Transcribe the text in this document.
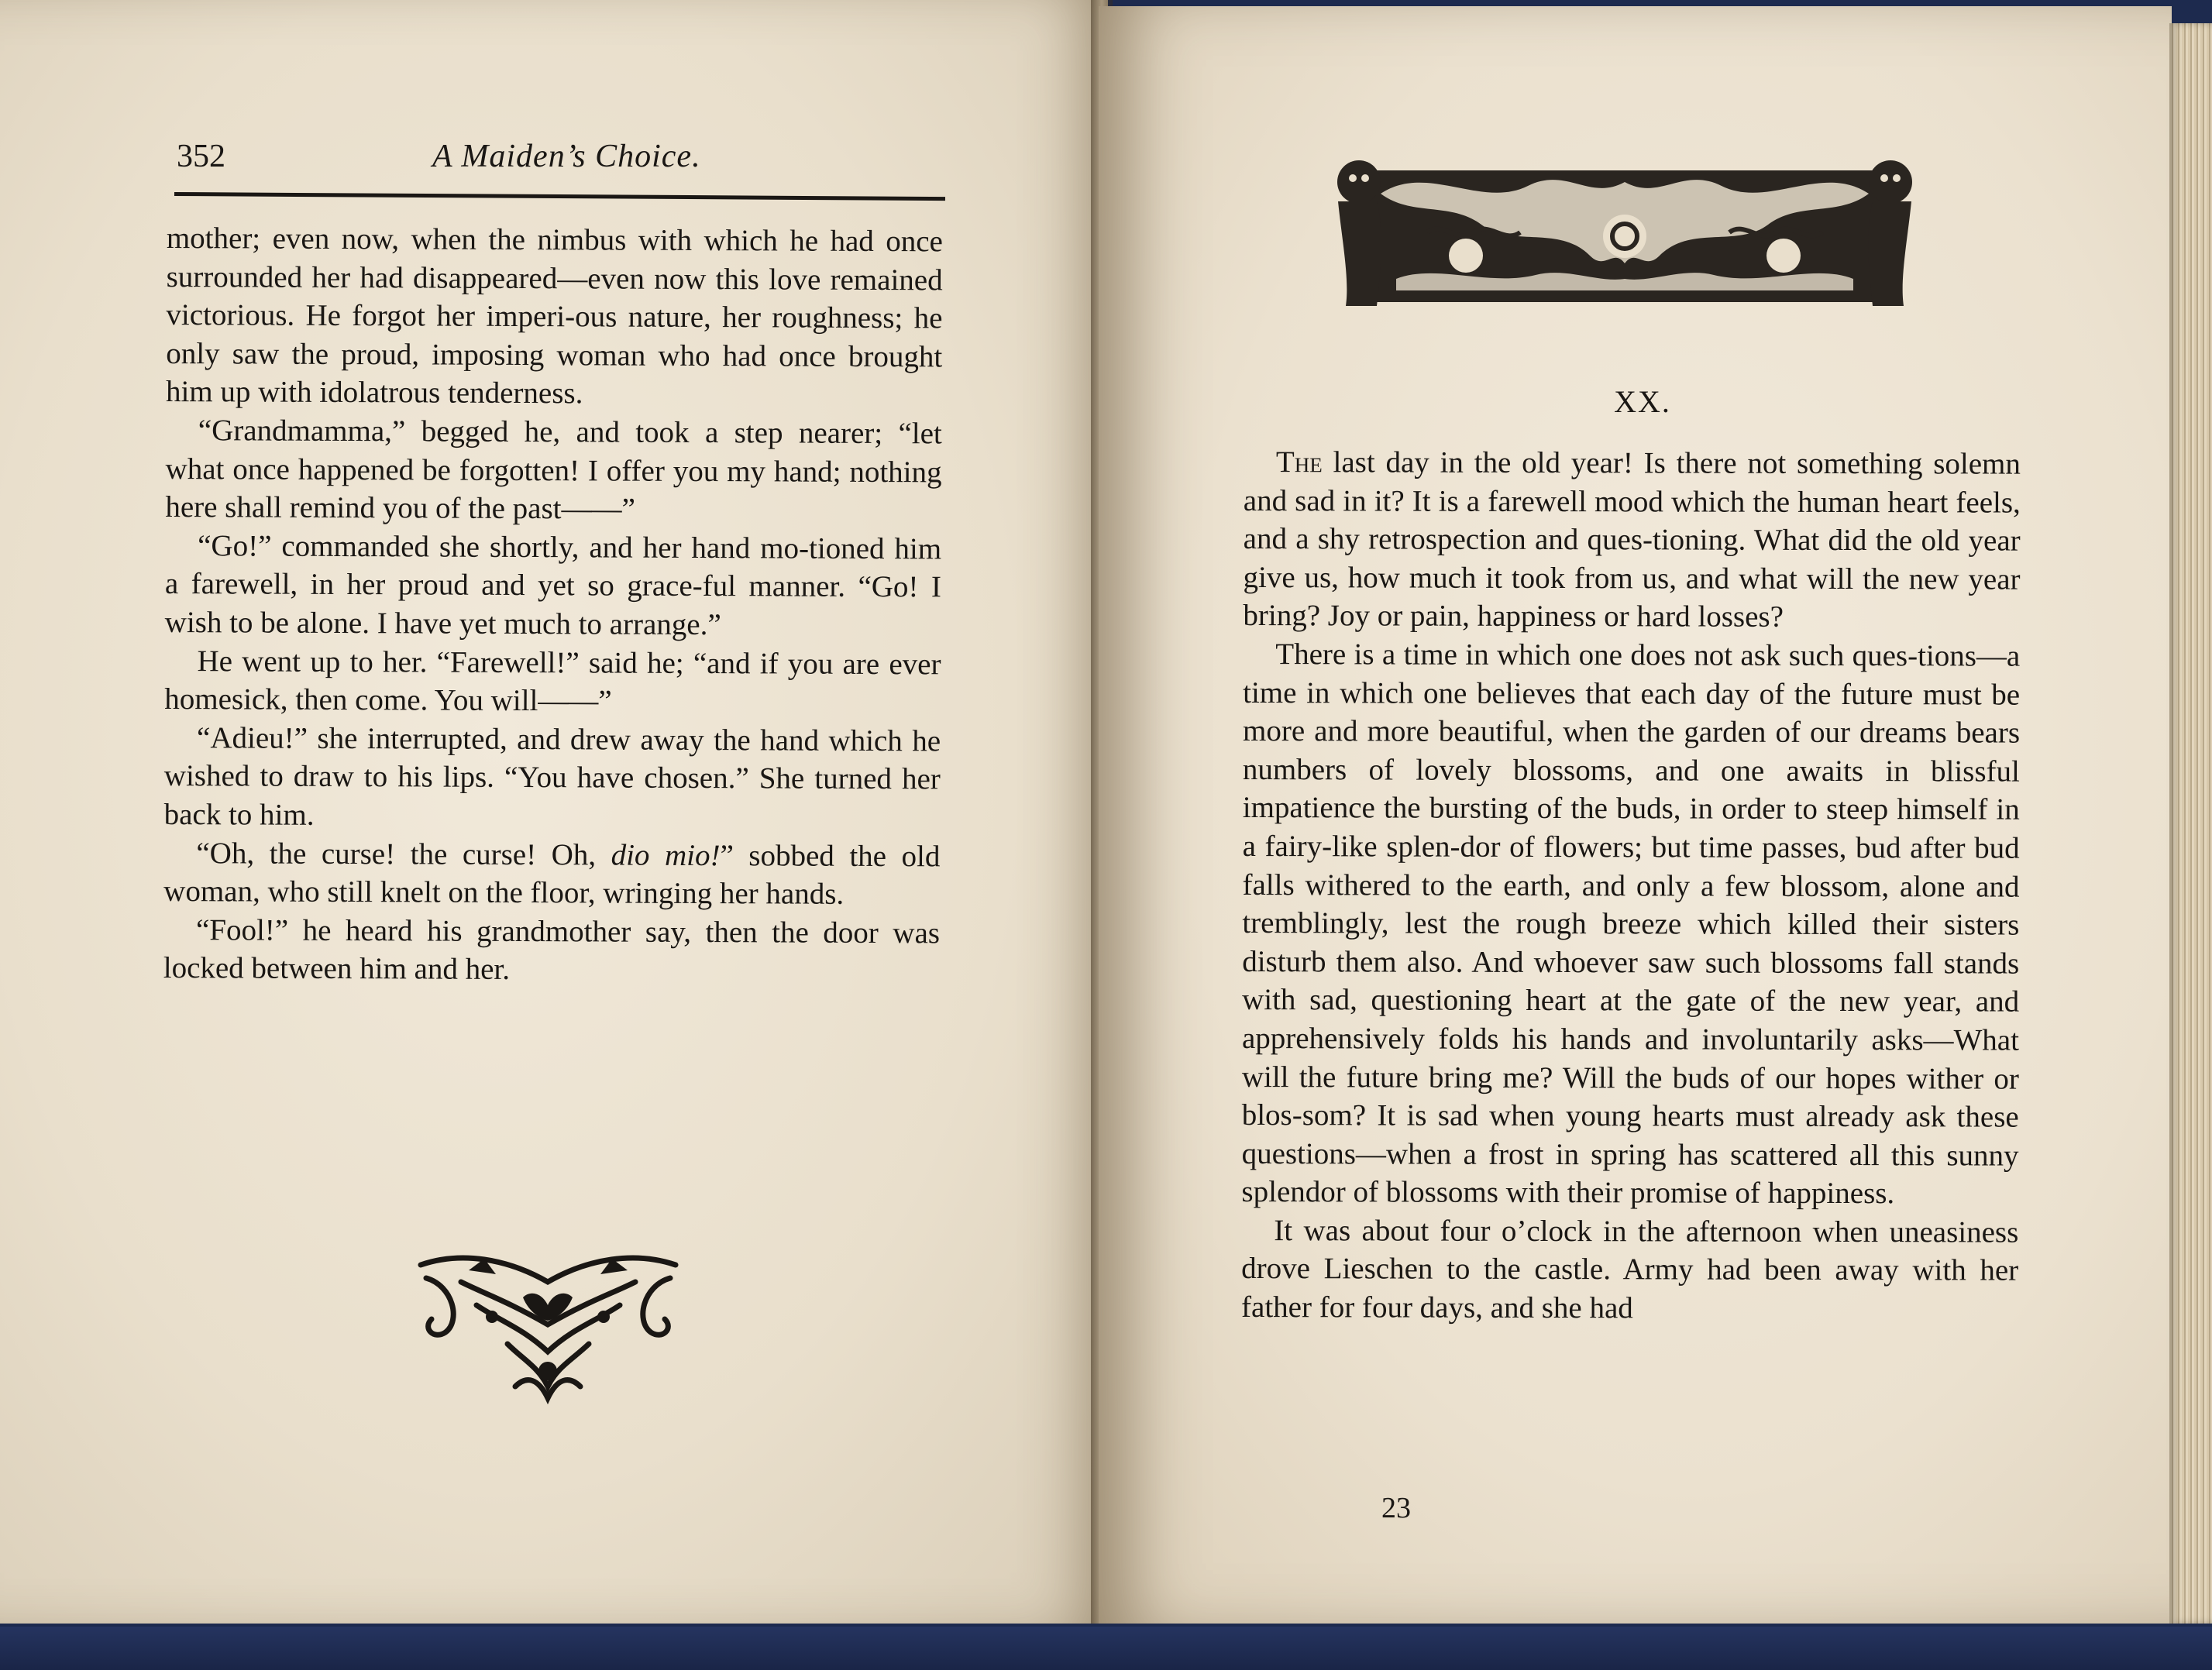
352	A Maiden’s Choice.

mother; even now, when the nimbus with which he had once surrounded her had disappeared—even now this love remained victorious. He forgot her imperi-ous nature, her roughness; he only saw the proud, imposing woman who had once brought him up with idolatrous tenderness.

“Grandmamma,” begged he, and took a step nearer; “let what once happened be forgotten! I offer you my hand; nothing here shall remind you of the past——”

“Go!” commanded she shortly, and her hand mo-tioned him a farewell, in her proud and yet so grace-ful manner. “Go! I wish to be alone. I have yet much to arrange.”

He went up to her. “Farewell!” said he; “and if you are ever homesick, then come. You will——”

“Adieu!” she interrupted, and drew away the hand which he wished to draw to his lips. “You have chosen.” She turned her back to him.

“Oh, the curse! the curse! Oh, dio mio!” sobbed the old woman, who still knelt on the floor, wringing her hands.

“Fool!” he heard his grandmother say, then the door was locked between him and her.

XX.

The last day in the old year! Is there not something solemn and sad in it? It is a farewell mood which the human heart feels, and a shy retrospection and ques-tioning. What did the old year give us, how much it took from us, and what will the new year bring? Joy or pain, happiness or hard losses?

There is a time in which one does not ask such ques-tions—a time in which one believes that each day of the future must be more and more beautiful, when the garden of our dreams bears numbers of lovely blossoms, and one awaits in blissful impatience the bursting of the buds, in order to steep himself in a fairy-like splen-dor of flowers; but time passes, bud after bud falls withered to the earth, and only a few blossom, alone and tremblingly, lest the rough breeze which killed their sisters disturb them also. And whoever saw such blossoms fall stands with sad, questioning heart at the gate of the new year, and apprehensively folds his hands and involuntarily asks—What will the future bring me? Will the buds of our hopes wither or blos-som? It is sad when young hearts must already ask these questions—when a frost in spring has scattered all this sunny splendor of blossoms with their promise of happiness.

It was about four o’clock in the afternoon when uneasiness drove Lieschen to the castle. Army had been away with her father for four days, and she had

23
